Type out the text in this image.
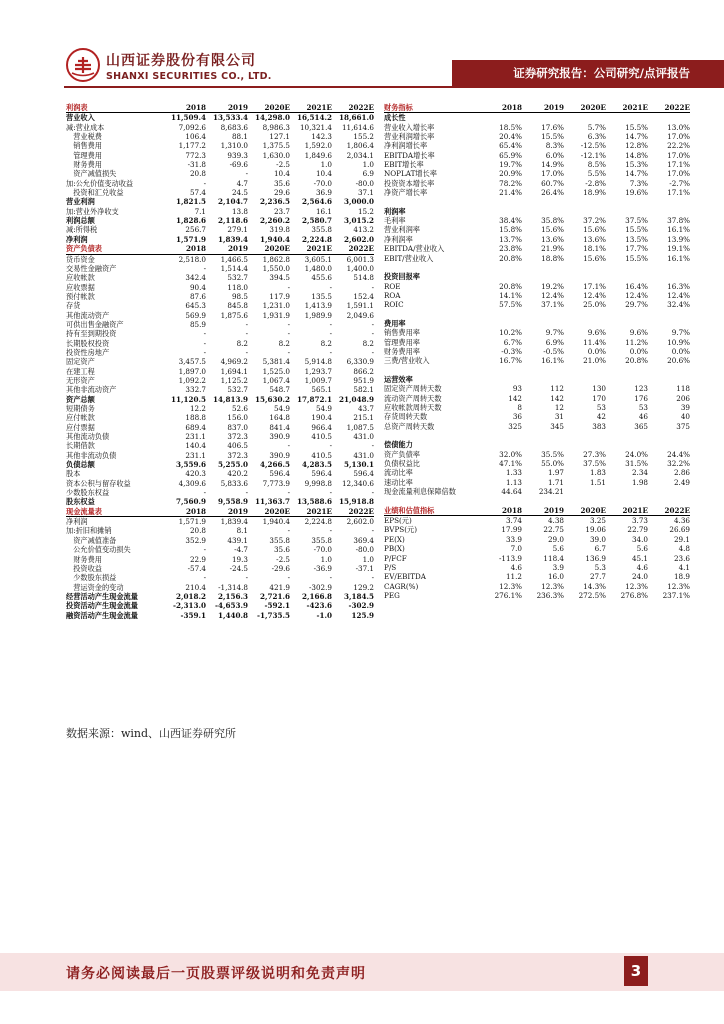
山西证券股份有限公司
SHANXI SECURITIES CO., LTD.	证券研究报告：公司研究/点评报告
利润表	2018	2019	2020E	2021E	2022E
营业收入	11,509.4	13,533.4	14,298.0	16,514.2	18,661.0
减:营业成本	7,092.6	8,683.6	8,986.3	10,321.4	11,614.6
　营业税费	106.4	88.1	127.1	142.3	155.2
　销售费用	1,177.2	1,310.0	1,375.5	1,592.0	1,806.4
　管理费用	772.3	939.3	1,630.0	1,849.6	2,034.1
　财务费用	-31.8	-69.6	-2.5	1.0	1.0
　资产减值损失	20.8	-	10.4	10.4	6.9
加:公允价值变动收益	-	4.7	35.6	-70.0	-80.0
　投资和汇兑收益	57.4	24.5	29.6	36.9	37.1
营业利润	1,821.5	2,104.7	2,236.5	2,564.6	3,000.0
加:营业外净收支	7.1	13.8	23.7	16.1	15.2
利润总额	1,828.6	2,118.6	2,260.2	2,580.7	3,015.2
减:所得税	256.7	279.1	319.8	355.8	413.2
净利润	1,571.9	1,839.4	1,940.4	2,224.8	2,602.0
资产负债表	2018	2019	2020E	2021E	2022E
货币资金	2,518.0	1,466.5	1,862.8	3,605.1	6,001.3
交易性金融资产	-	1,514.4	1,550.0	1,480.0	1,400.0
应收帐款	342.4	532.7	394.5	455.6	514.8
应收票据	90.4	118.0	-	-	-
预付帐款	87.6	98.5	117.9	135.5	152.4
存货	645.3	845.8	1,231.0	1,413.9	1,591.1
其他流动资产	569.9	1,875.6	1,931.9	1,989.9	2,049.6
可供出售金融资产	85.9	-	-	-	-
持有至到期投资	-	-	-	-	-
长期股权投资	-	8.2	8.2	8.2	8.2
投资性房地产	-	-	-	-	-
固定资产	3,457.5	4,969.2	5,381.4	5,914.8	6,330.9
在建工程	1,897.0	1,694.1	1,525.0	1,293.7	866.2
无形资产	1,092.2	1,125.2	1,067.4	1,009.7	951.9
其他非流动资产	332.7	532.7	548.7	565.1	582.1
资产总额	11,120.5	14,813.9	15,630.2	17,872.1	21,048.9
短期债务	12.2	52.6	54.9	54.9	43.7
应付帐款	188.8	156.0	164.8	190.4	215.1
应付票据	689.4	837.0	841.4	966.4	1,087.5
其他流动负债	231.1	372.3	390.9	410.5	431.0
长期借款	140.4	406.5	-	-	-
其他非流动负债	231.1	372.3	390.9	410.5	431.0
负债总额	3,559.6	5,255.0	4,266.5	4,283.5	5,130.1
股本	420.3	420.2	596.4	596.4	596.4
资本公积与留存收益	4,309.6	5,833.6	7,773.9	9,998.8	12,340.6
少数股东权益	-	-	-	-	-
股东权益	7,560.9	9,558.9	11,363.7	13,588.6	15,918.8
现金流量表	2018	2019	2020E	2021E	2022E
净利润	1,571.9	1,839.4	1,940.4	2,224.8	2,602.0
加:折旧和摊销	20.8	8.1	-	-	-
　资产减值准备	352.9	439.1	355.8	355.8	369.4
　公允价值变动损失	-	-4.7	35.6	-70.0	-80.0
　财务费用	22.9	19.3	-2.5	1.0	1.0
　投资收益	-57.4	-24.5	-29.6	-36.9	-37.1
　少数股东损益	-	-	-	-	-
　营运资金的变动	210.4	-1,314.8	421.9	-302.9	129.2
经营活动产生现金流量	2,018.2	2,156.3	2,721.6	2,166.8	3,184.5
投资活动产生现金流量	-2,313.0	-4,653.9	-592.1	-423.6	-302.9
融资活动产生现金流量	-359.1	1,440.8	-1,735.5	-1.0	125.9
财务指标	2018	2019	2020E	2021E	2022E
成长性					
营业收入增长率	18.5%	17.6%	5.7%	15.5%	13.0%
营业利润增长率	20.4%	15.5%	6.3%	14.7%	17.0%
净利润增长率	65.4%	8.3%	-12.5%	12.8%	22.2%
EBITDA增长率	65.9%	6.0%	-12.1%	14.8%	17.0%
EBIT增长率	19.7%	14.9%	8.5%	15.3%	17.1%
NOPLAT增长率	20.9%	17.0%	5.5%	14.7%	17.0%
投资资本增长率	78.2%	60.7%	-2.8%	7.3%	-2.7%
净资产增长率	21.4%	26.4%	18.9%	19.6%	17.1%

利润率					
毛利率	38.4%	35.8%	37.2%	37.5%	37.8%
营业利润率	15.8%	15.6%	15.6%	15.5%	16.1%
净利润率	13.7%	13.6%	13.6%	13.5%	13.9%
EBITDA/营业收入	23.8%	21.9%	18.1%	17.7%	19.1%
EBIT/营业收入	20.8%	18.8%	15.6%	15.5%	16.1%

投资回报率					
ROE	20.8%	19.2%	17.1%	16.4%	16.3%
ROA	14.1%	12.4%	12.4%	12.4%	12.4%
ROIC	57.5%	37.1%	25.0%	29.7%	32.4%

费用率					
销售费用率	10.2%	9.7%	9.6%	9.6%	9.7%
管理费用率	6.7%	6.9%	11.4%	11.2%	10.9%
财务费用率	-0.3%	-0.5%	0.0%	0.0%	0.0%
三费/营业收入	16.7%	16.1%	21.0%	20.8%	20.6%

运营效率					
固定资产周转天数	93	112	130	123	118
流动资产周转天数	142	142	170	176	206
应收帐款周转天数	8	12	53	53	39
存货周转天数	36	31	42	46	40
总资产周转天数	325	345	383	365	375

偿债能力					
资产负债率	32.0%	35.5%	27.3%	24.0%	24.4%
负债权益比	47.1%	55.0%	37.5%	31.5%	32.2%
流动比率	1.33	1.97	1.83	2.34	2.86
速动比率	1.13	1.71	1.51	1.98	2.49
现金流量利息保障倍数	44.64	234.21			

业绩和估值指标	2018	2019	2020E	2021E	2022E
EPS(元)	3.74	4.38	3.25	3.73	4.36
BVPS(元)	17.99	22.75	19.06	22.79	26.69
PE(X)	33.9	29.0	39.0	34.0	29.1
PB(X)	7.0	5.6	6.7	5.6	4.8
P/FCF	-113.9	118.4	136.9	45.1	23.6
P/S	4.6	3.9	5.3	4.6	4.1
EV/EBITDA	11.2	16.0	27.7	24.0	18.9
CAGR(%)	12.3%	12.3%	14.3%	12.3%	12.3%
PEG	276.1%	236.3%	272.5%	276.8%	237.1%
数据来源：wind、山西证券研究所
请务必阅读最后一页股票评级说明和免责声明	3
